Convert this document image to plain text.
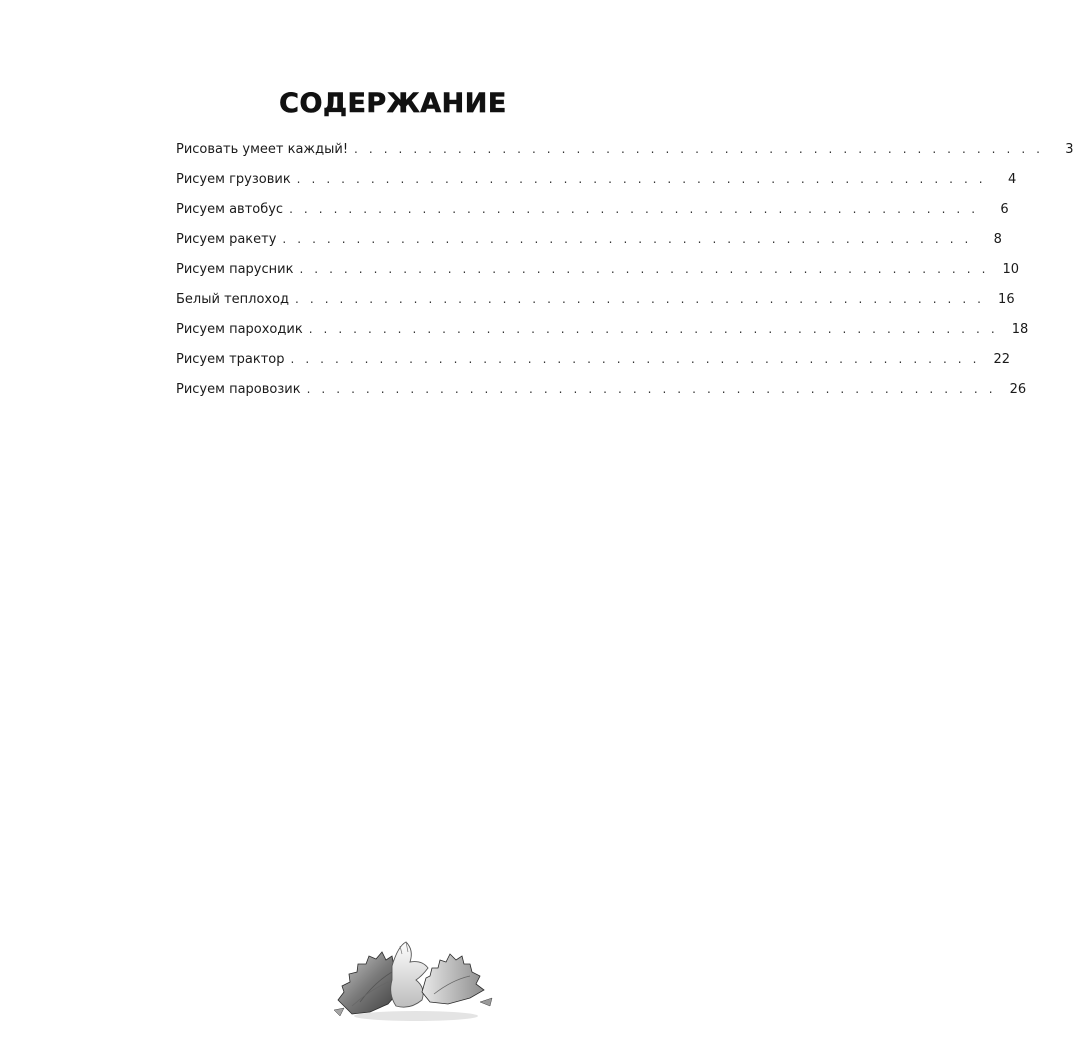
СОДЕРЖАНИЕ
Рисовать умеет каждый! . . . . . . . . . . . . . . . . . . . . . . . . . . . . . . . . . . . . . . . . . . . . . . .	3
Рисуем грузовик . . . . . . . . . . . . . . . . . . . . . . . . . . . . . . . . . . . . . . . . . . . . . . .	4
Рисуем автобус . . . . . . . . . . . . . . . . . . . . . . . . . . . . . . . . . . . . . . . . . . . . . . .	6
Рисуем ракету . . . . . . . . . . . . . . . . . . . . . . . . . . . . . . . . . . . . . . . . . . . . . . .	8
Рисуем парусник . . . . . . . . . . . . . . . . . . . . . . . . . . . . . . . . . . . . . . . . . . . . . . .	10
Белый теплоход . . . . . . . . . . . . . . . . . . . . . . . . . . . . . . . . . . . . . . . . . . . . . . .	16
Рисуем пароходик . . . . . . . . . . . . . . . . . . . . . . . . . . . . . . . . . . . . . . . . . . . . . . .	18
Рисуем трактор . . . . . . . . . . . . . . . . . . . . . . . . . . . . . . . . . . . . . . . . . . . . . . .	22
Рисуем паровозик . . . . . . . . . . . . . . . . . . . . . . . . . . . . . . . . . . . . . . . . . . . . . . .	26
